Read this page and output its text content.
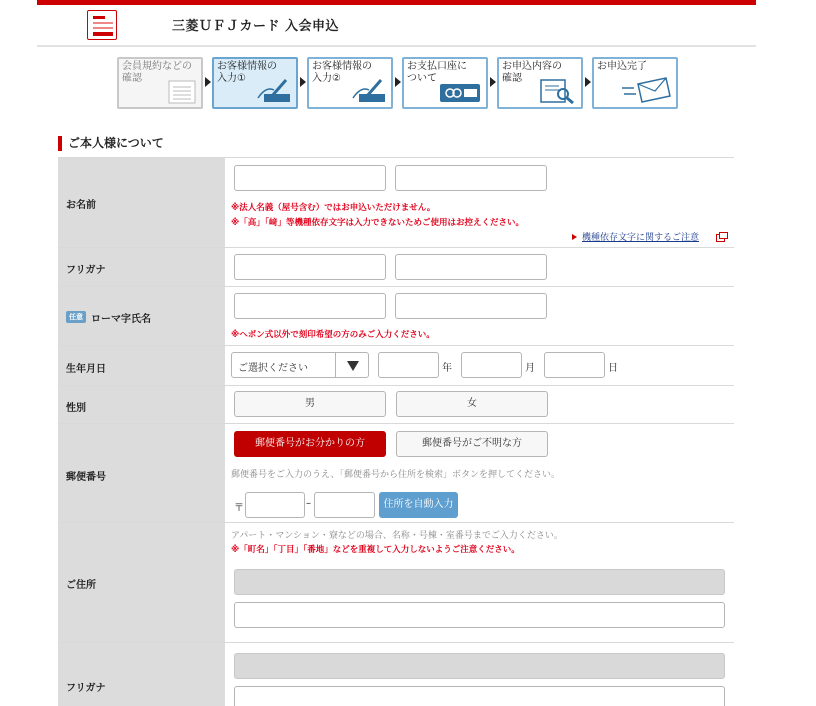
三菱ＵＦＪカード 入会申込
会員規約などの
確認
お客様情報の
入力①
お客様情報の
入力②
お支払口座に
ついて
お申込内容の
確認
お申込完了
ご本人様について
お名前	※法人名義（屋号含む）ではお申込いただけません。
※「高」「﨑」等機種依存文字は入力できないためご使用はお控えください。
機種依存文字に関するご注意
フリガナ
任意 ローマ字氏名
※ヘボン式以外で刻印希望の方のみご入力ください。
生年月日	ご選択ください	年	月	日
性別	男	女
郵便番号
郵便番号がお分かりの方	郵便番号がご不明な方
郵便番号をご入力のうえ、「郵便番号から住所を検索」ボタンを押してください。
〒	–	住所を自動入力
ご住所
アパート・マンション・寮などの場合、名称・号棟・室番号までご入力ください。
※「町名」「丁目」「番地」などを重複して入力しないようご注意ください。
フリガナ
